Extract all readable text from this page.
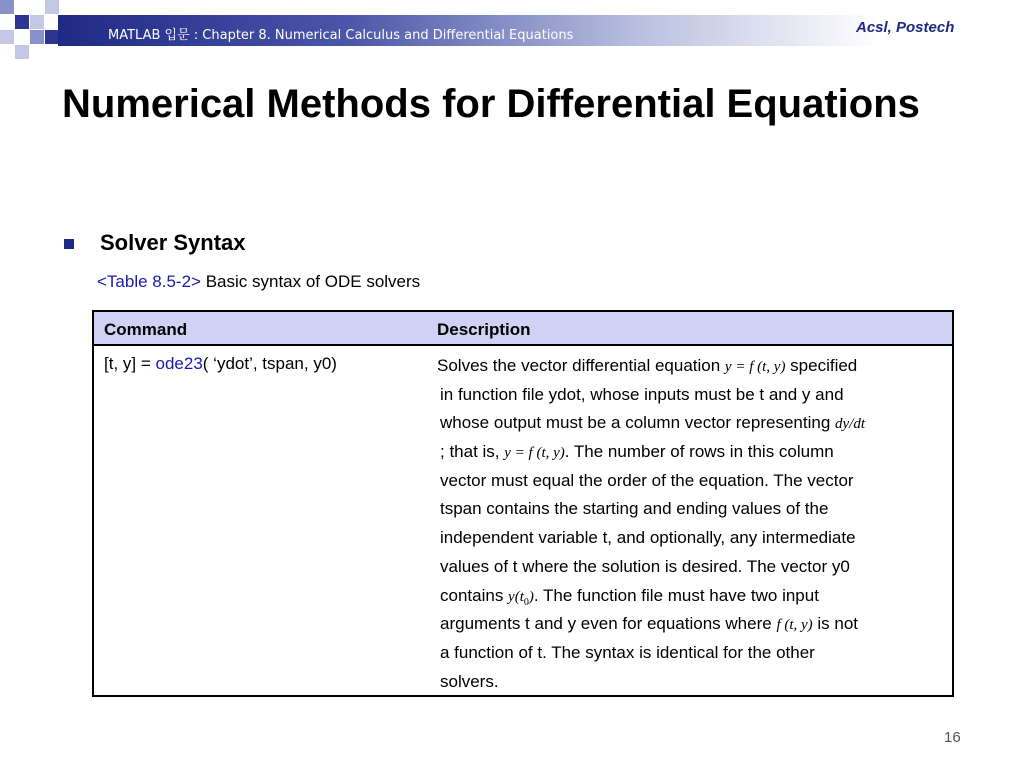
MATLAB 입문 : Chapter 8. Numerical Calculus and Differential Equations	Acsl, Postech
Numerical Methods for Differential Equations
Solver Syntax
<Table 8.5-2> Basic syntax of ODE solvers
Command	Description
[t, y] = ode23( ‘ydot’, tspan, y0)	Solves the vector differential equation y = f (t, y) specified
in function file ydot, whose inputs must be t and y and
whose output must be a column vector representing dy/dt
; that is, y = f (t, y). The number of rows in this column
vector must equal the order of the equation. The vector
tspan contains the starting and ending values of the
independent variable t, and optionally, any intermediate
values of t where the solution is desired. The vector y0
contains $y(t_0)$. The function file must have two input
arguments t and y even for equations where f (t, y) is not
a function of t. The syntax is identical for the other
solvers.
16
